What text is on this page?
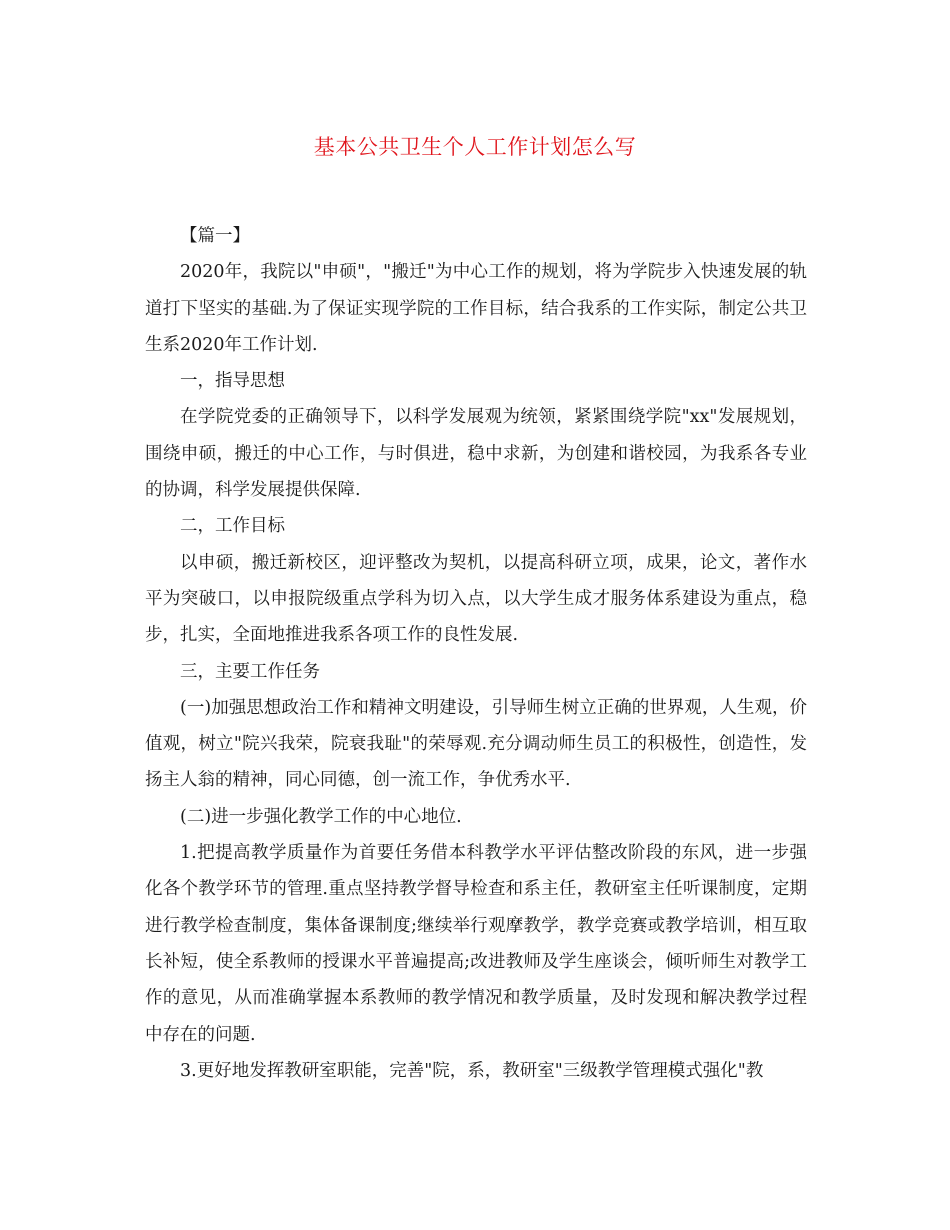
基本公共卫生个人工作计划怎么写

【篇一】

2020年，我院以"申硕"，"搬迁"为中心工作的规划，将为学院步入快速发展的轨道打下坚实的基础.为了保证实现学院的工作目标，结合我系的工作实际，制定公共卫生系2020年工作计划.

一，指导思想

在学院党委的正确领导下，以科学发展观为统领，紧紧围绕学院"xx"发展规划，围绕申硕，搬迁的中心工作，与时俱进，稳中求新，为创建和谐校园，为我系各专业的协调，科学发展提供保障.

二，工作目标

以申硕，搬迁新校区，迎评整改为契机，以提高科研立项，成果，论文，著作水平为突破口，以申报院级重点学科为切入点，以大学生成才服务体系建设为重点，稳步，扎实，全面地推进我系各项工作的良性发展.

三，主要工作任务

(一)加强思想政治工作和精神文明建设，引导师生树立正确的世界观，人生观，价值观，树立"院兴我荣，院衰我耻"的荣辱观.充分调动师生员工的积极性，创造性，发扬主人翁的精神，同心同德，创一流工作，争优秀水平.

(二)进一步强化教学工作的中心地位.

1.把提高教学质量作为首要任务借本科教学水平评估整改阶段的东风，进一步强化各个教学环节的管理.重点坚持教学督导检查和系主任，教研室主任听课制度，定期进行教学检查制度，集体备课制度;继续举行观摩教学，教学竞赛或教学培训，相互取长补短，使全系教师的授课水平普遍提高;改进教师及学生座谈会，倾听师生对教学工作的意见，从而准确掌握本系教师的教学情况和教学质量，及时发现和解决教学过程中存在的问题.

3.更好地发挥教研室职能，完善"院，系，教研室"三级教学管理模式强化"教
